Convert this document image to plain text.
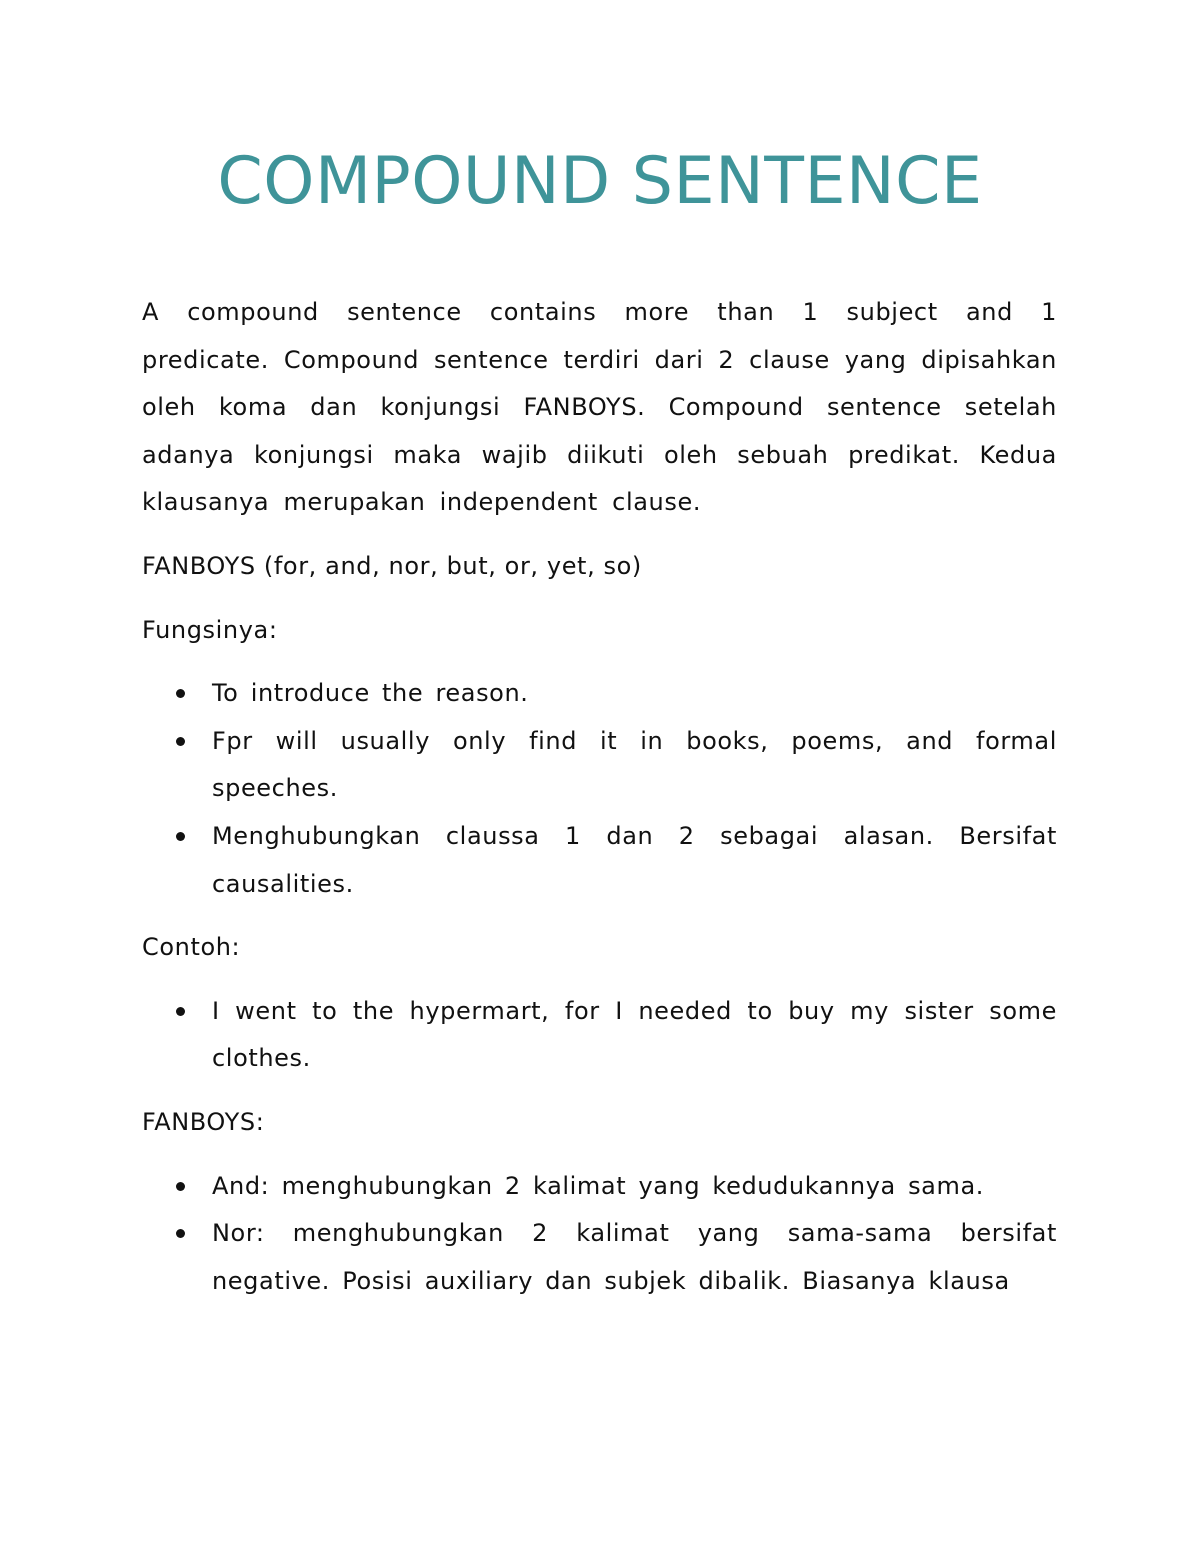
COMPOUND SENTENCE

A compound sentence contains more than 1 subject and 1 predicate. Compound sentence terdiri dari 2 clause yang dipisahkan oleh koma dan konjungsi FANBOYS. Compound sentence setelah adanya konjungsi maka wajib diikuti oleh sebuah predikat. Kedua klausanya merupakan independent clause.

FANBOYS (for, and, nor, but, or, yet, so)

Fungsinya:

To introduce the reason.
Fpr will usually only find it in books, poems, and formal speeches.
Menghubungkan claussa 1 dan 2 sebagai alasan. Bersifat causalities.

Contoh:

I went to the hypermart, for I needed to buy my sister some clothes.

FANBOYS:

And: menghubungkan 2 kalimat yang kedudukannya sama.
Nor: menghubungkan 2 kalimat yang sama-sama bersifat negative. Posisi auxiliary dan subjek dibalik. Biasanya klausa
